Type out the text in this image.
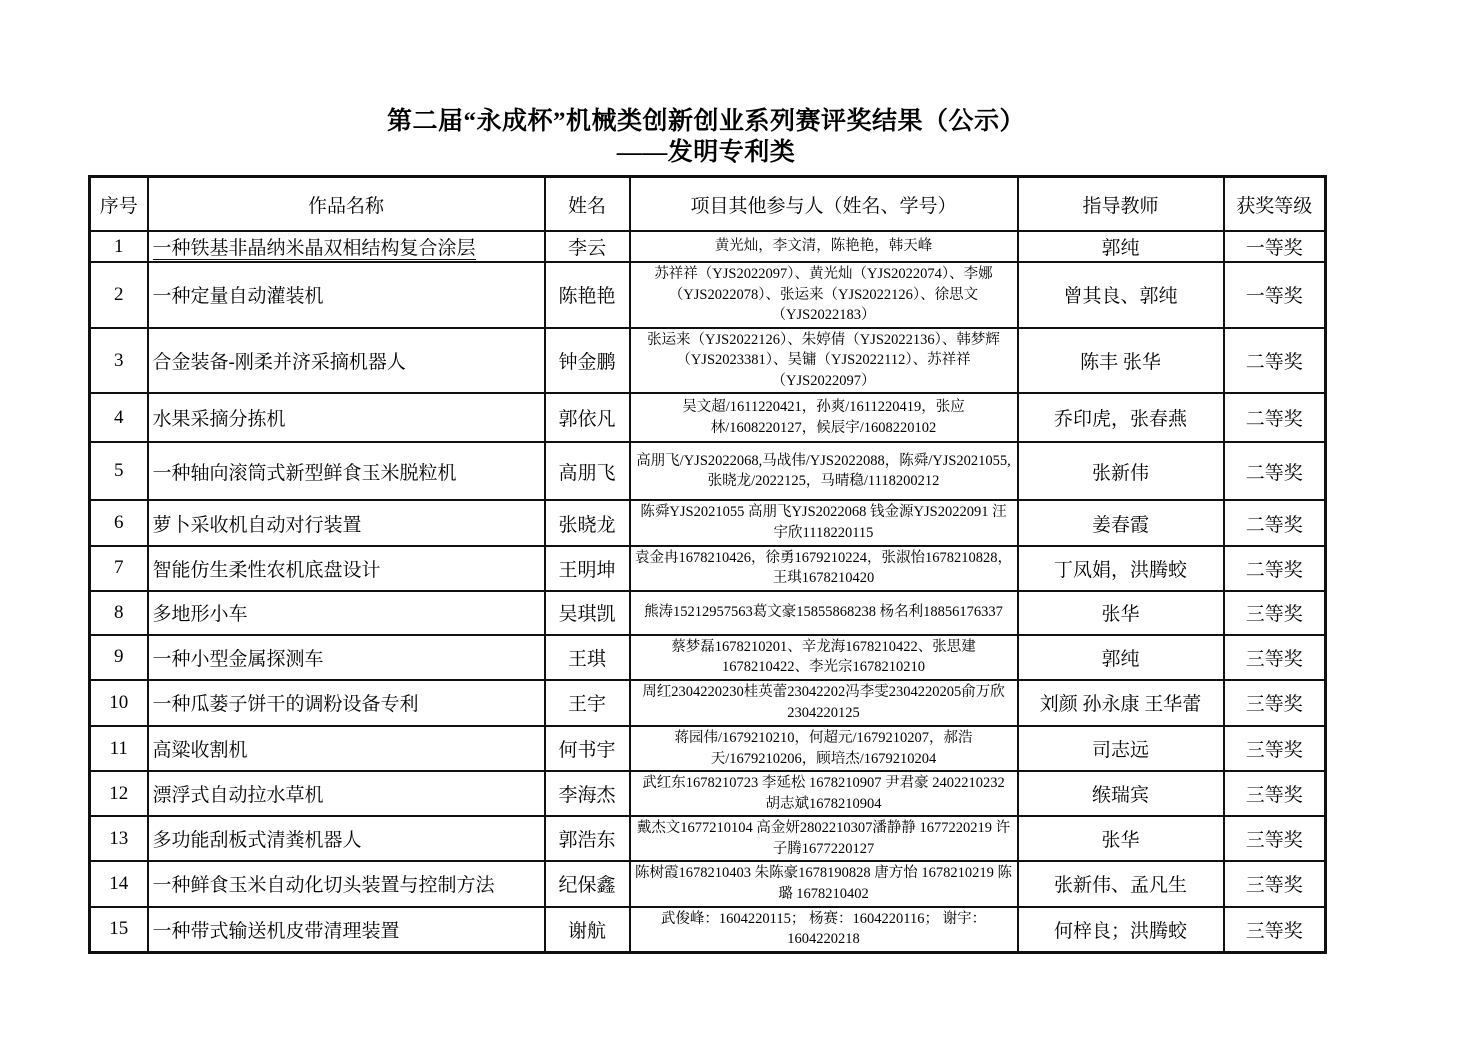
第二届“永成杯”机械类创新创业系列赛评奖结果（公示）
——发明专利类
序号	作品名称	姓名	项目其他参与人（姓名、学号）	指导教师	获奖等级
1	一种铁基非晶纳米晶双相结构复合涂层	李云	黄光灿，李文清，陈艳艳，韩天峰	郭纯	一等奖
2	一种定量自动灌装机	陈艳艳	苏祥祥（YJS2022097）、黄光灿（YJS2022074）、李娜（YJS2022078）、张运来（YJS2022126）、徐思文（YJS2022183）	曾其良、郭纯	一等奖
3	合金装备-刚柔并济采摘机器人	钟金鹏	张运来（YJS2022126）、朱婷倩（YJS2022136）、韩梦辉（YJS2023381）、吴镛（YJS2022112）、苏祥祥（YJS2022097）	陈丰 张华	二等奖
4	水果采摘分拣机	郭依凡	吴文超/1611220421，孙爽/1611220419，张应林/1608220127，候辰宇/1608220102	乔印虎，张春燕	二等奖
5	一种轴向滚筒式新型鲜食玉米脱粒机	高朋飞	高朋飞/YJS2022068,马战伟/YJS2022088，陈舜/YJS2021055,张晓龙/2022125，马晴稳/1118200212	张新伟	二等奖
6	萝卜采收机自动对行装置	张晓龙	陈舜YJS2021055 高朋飞YJS2022068 钱金源YJS2022091 汪宇欣1118220115	姜春霞	二等奖
7	智能仿生柔性农机底盘设计	王明坤	袁金冉1678210426，徐勇1679210224，张淑怡1678210828，王琪1678210420	丁凤娟，洪腾蛟	二等奖
8	多地形小车	吴琪凯	熊涛15212957563葛文豪15855868238 杨名利18856176337	张华	三等奖
9	一种小型金属探测车	王琪	蔡梦磊1678210201、辛龙海1678210422、张思建1678210422、李光宗1678210210	郭纯	三等奖
10	一种瓜蒌子饼干的调粉设备专利	王宇	周红2304220230桂英蕾23042202冯李雯2304220205俞万欣2304220125	刘颜 孙永康 王华蕾	三等奖
11	高粱收割机	何书宇	蒋园伟/1679210210，何超元/1679210207，郝浩天/1679210206，顾培杰/1679210204	司志远	三等奖
12	漂浮式自动拉水草机	李海杰	武红东1678210723 李延松 1678210907 尹君豪 2402210232 胡志斌1678210904	缑瑞宾	三等奖
13	多功能刮板式清粪机器人	郭浩东	戴杰文1677210104 高金妍2802210307潘静静 1677220219 许子腾1677220127	张华	三等奖
14	一种鲜食玉米自动化切头装置与控制方法	纪保鑫	陈树霞1678210403 朱陈豪1678190828 唐方怡 1678210219 陈璐 1678210402	张新伟、孟凡生	三等奖
15	一种带式输送机皮带清理装置	谢航	武俊峰：1604220115； 杨赛：1604220116； 谢宇：1604220218	何梓良；洪腾蛟	三等奖
